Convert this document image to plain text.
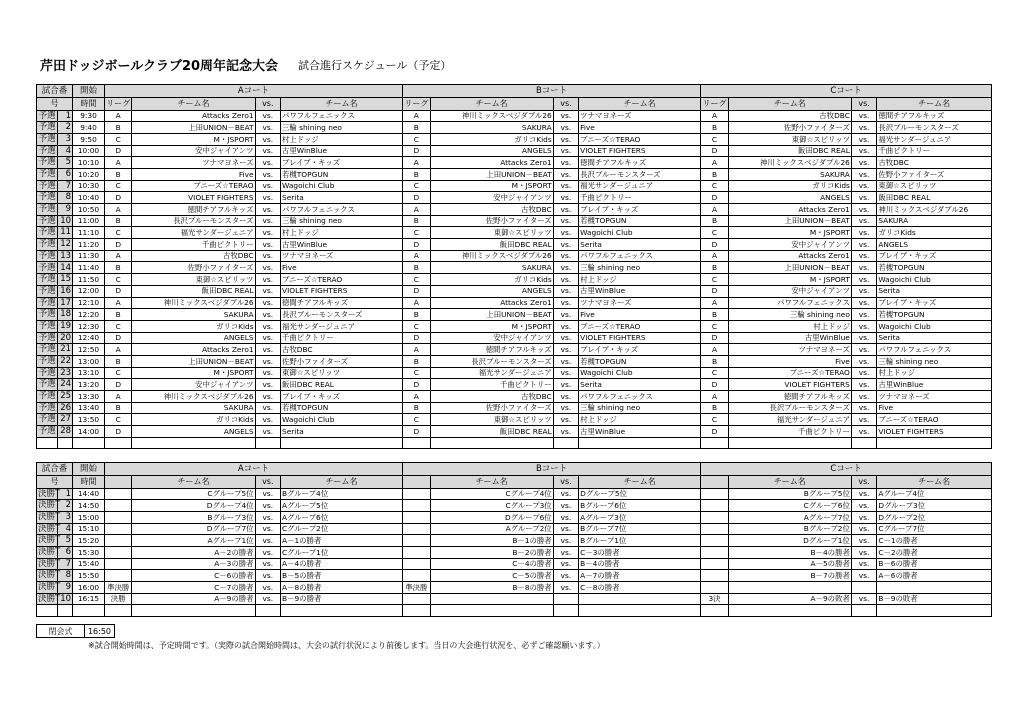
芹田ドッジボールクラブ20周年記念大会 試合進行スケジュール（予定）
試合番		開始	Aコート				Bコート				Cコート			
号		時間	リーグ	チーム名	vs.	チーム名	リーグ	チーム名	vs.	チーム名	リーグ	チーム名	vs.	チーム名
予選	1	9:30	A	Attacks Zero1	vs.	パワフルフェニックス	A	神川ミックスベジダブル26	vs.	ツナマヨネーズ	A	古牧DBC	vs.	徳間チアフルキッズ
予選	2	9:40	B	上田UNION－BEAT	vs.	三輪 shining neo	B	SAKURA	vs.	Five	B	佐野小ファイターズ	vs.	長沢ブルーモンスターズ
予選	3	9:50	C	M・JSPORT	vs.	村上ドッジ	C	ガリコKids	vs.	ブニーズ☆TERAO	C	東御☆スピリッツ	vs.	福光サンダージュニア
予選	4	10:00	D	安中ジャイアンツ	vs.	古里WinBlue	D	ANGELS	vs.	VIOLET FIGHTERS	D	飯田DBC REAL	vs.	千曲ピクトリー
予選	5	10:10	A	ツナマヨネーズ	vs.	ブレイブ・キッズ	A	Attacks Zero1	vs.	徳間チアフルキッズ	A	神川ミックスベジダブル26	vs.	古牧DBC
予選	6	10:20	B	Five	vs.	若槻TOPGUN	B	上田UNION－BEAT	vs.	長沢ブルーモンスターズ	B	SAKURA	vs.	佐野小ファイターズ
予選	7	10:30	C	ブニーズ☆TERAO	vs.	Wagoichi Club	C	M・JSPORT	vs.	福光サンダージュニア	C	ガリコKids	vs.	東御☆スピリッツ
予選	8	10:40	D	VIOLET FIGHTERS	vs.	Serita	D	安中ジャイアンツ	vs.	千曲ピクトリー	D	ANGELS	vs.	飯田DBC REAL
予選	9	10:50	A	徳間チアフルキッズ	vs.	パワフルフェニックス	A	古牧DBC	vs.	ブレイブ・キッズ	A	Attacks Zero1	vs.	神川ミックスベジダブル26
予選	10	11:00	B	長沢ブルーモンスターズ	vs.	三輪 shining neo	B	佐野小ファイターズ	vs.	若槻TOPGUN	B	上田UNION－BEAT	vs.	SAKURA
予選	11	11:10	C	福光サンダージュニア	vs.	村上ドッジ	C	東御☆スピリッツ	vs.	Wagoichi Club	C	M・JSPORT	vs.	ガリコKids
予選	12	11:20	D	千曲ピクトリー	vs.	古里WinBlue	D	飯田DBC REAL	vs.	Serita	D	安中ジャイアンツ	vs.	ANGELS
予選	13	11:30	A	古牧DBC	vs.	ツナマヨネーズ	A	神川ミックスベジダブル26	vs.	パワフルフェニックス	A	Attacks Zero1	vs.	ブレイブ・キッズ
予選	14	11:40	B	佐野小ファイターズ	vs.	Five	B	SAKURA	vs.	三輪 shining neo	B	上田UNION－BEAT	vs.	若槻TOPGUN
予選	15	11:50	C	東御☆スピリッツ	vs.	ブニーズ☆TERAO	C	ガリコKids	vs.	村上ドッジ	C	M・JSPORT	vs.	Wagoichi Club
予選	16	12:00	D	飯田DBC REAL	vs.	VIOLET FIGHTERS	D	ANGELS	vs.	古里WinBlue	D	安中ジャイアンツ	vs.	Serita
予選	17	12:10	A	神川ミックスベジダブル26	vs.	徳間チアフルキッズ	A	Attacks Zero1	vs.	ツナマヨネーズ	A	パワフルフェニックス	vs.	ブレイブ・キッズ
予選	18	12:20	B	SAKURA	vs.	長沢ブルーモンスターズ	B	上田UNION－BEAT	vs.	Five	B	三輪 shining neo	vs.	若槻TOPGUN
予選	19	12:30	C	ガリコKids	vs.	福光サンダージュニア	C	M・JSPORT	vs.	ブニーズ☆TERAO	C	村上ドッジ	vs.	Wagoichi Club
予選	20	12:40	D	ANGELS	vs.	千曲ピクトリー	D	安中ジャイアンツ	vs.	VIOLET FIGHTERS	D	古里WinBlue	vs.	Serita
予選	21	12:50	A	Attacks Zero1	vs.	古牧DBC	A	徳間チアフルキッズ	vs.	ブレイブ・キッズ	A	ツナマヨネーズ	vs.	パワフルフェニックス
予選	22	13:00	B	上田UNION－BEAT	vs.	佐野小ファイターズ	B	長沢ブルーモンスターズ	vs.	若槻TOPGUN	B	Five	vs.	三輪 shining neo
予選	23	13:10	C	M・JSPORT	vs.	東御☆スピリッツ	C	福光サンダージュニア	vs.	Wagoichi Club	C	ブニーズ☆TERAO	vs.	村上ドッジ
予選	24	13:20	D	安中ジャイアンツ	vs.	飯田DBC REAL	D	千曲ピクトリー	vs.	Serita	D	VIOLET FIGHTERS	vs.	古里WinBlue
予選	25	13:30	A	神川ミックスベジダブル26	vs.	ブレイブ・キッズ	A	古牧DBC	vs.	パワフルフェニックス	A	徳間チアフルキッズ	vs.	ツナマヨネーズ
予選	26	13:40	B	SAKURA	vs.	若槻TOPGUN	B	佐野小ファイターズ	vs.	三輪 shining neo	B	長沢ブルーモンスターズ	vs.	Five
予選	27	13:50	C	ガリコKids	vs.	Wagoichi Club	C	東御☆スピリッツ	vs.	村上ドッジ	C	福光サンダージュニア	vs.	ブニーズ☆TERAO
予選	28	14:00	D	ANGELS	vs.	Serita	D	飯田DBC REAL	vs.	古里WinBlue	D	千曲ピクトリー	vs.	VIOLET FIGHTERS

試合番		開始	Aコート				Bコート				Cコート			
号		時間		チーム名	vs.	チーム名		チーム名	vs.	チーム名		チーム名	vs.	チーム名
決勝T	1	14:40		Cグループ5位	vs.	Bグループ4位		Cグループ4位	vs.	Dグループ5位		Bグループ5位	vs.	Aグループ4位
決勝T	2	14:50		Dグループ4位	vs.	Aグループ5位		Cグループ3位	vs.	Bグループ6位		Cグループ6位	vs.	Dグループ3位
決勝T	3	15:00		Bグループ3位	vs.	Aグループ6位		Dグループ6位	vs.	Aグループ3位		Aグループ7位	vs.	Dグループ2位
決勝T	4	15:10		Dグループ7位	vs.	Cグループ2位		Aグループ2位	vs.	Bグループ7位		Bグループ2位	vs.	Cグループ7位
決勝T	5	15:20		Aグループ1位	vs.	A－1の勝者		B－1の勝者	vs.	Bグループ1位		Dグループ1位	vs.	C－1の勝者
決勝T	6	15:30		A－2の勝者	vs.	Cグループ1位		B－2の勝者	vs.	C－3の勝者		B－4の勝者	vs.	C－2の勝者
決勝T	7	15:40		A－3の勝者	vs.	A－4の勝者		C－4の勝者	vs.	B－4の勝者		A－5の勝者	vs.	B－6の勝者
決勝T	8	15:50		C－6の勝者	vs.	B－5の勝者		C－5の勝者	vs.	A－7の勝者		B－7の勝者	vs.	A－6の勝者
決勝T	9	16:00	準決勝	C－7の勝者	vs.	A－8の勝者	準決勝	B－8の勝者	vs.	C－8の勝者				
決勝T	10	16:15	決勝	A－9の勝者	vs.	B－9の勝者					3決	A－9の敗者	vs.	B－9の敗者

閉会式	16:50
※試合開始時間は、予定時間です。（実際の試合開始時間は、大会の試行状況により前後します。当日の大会進行状況を、必ずご確認願います。）
